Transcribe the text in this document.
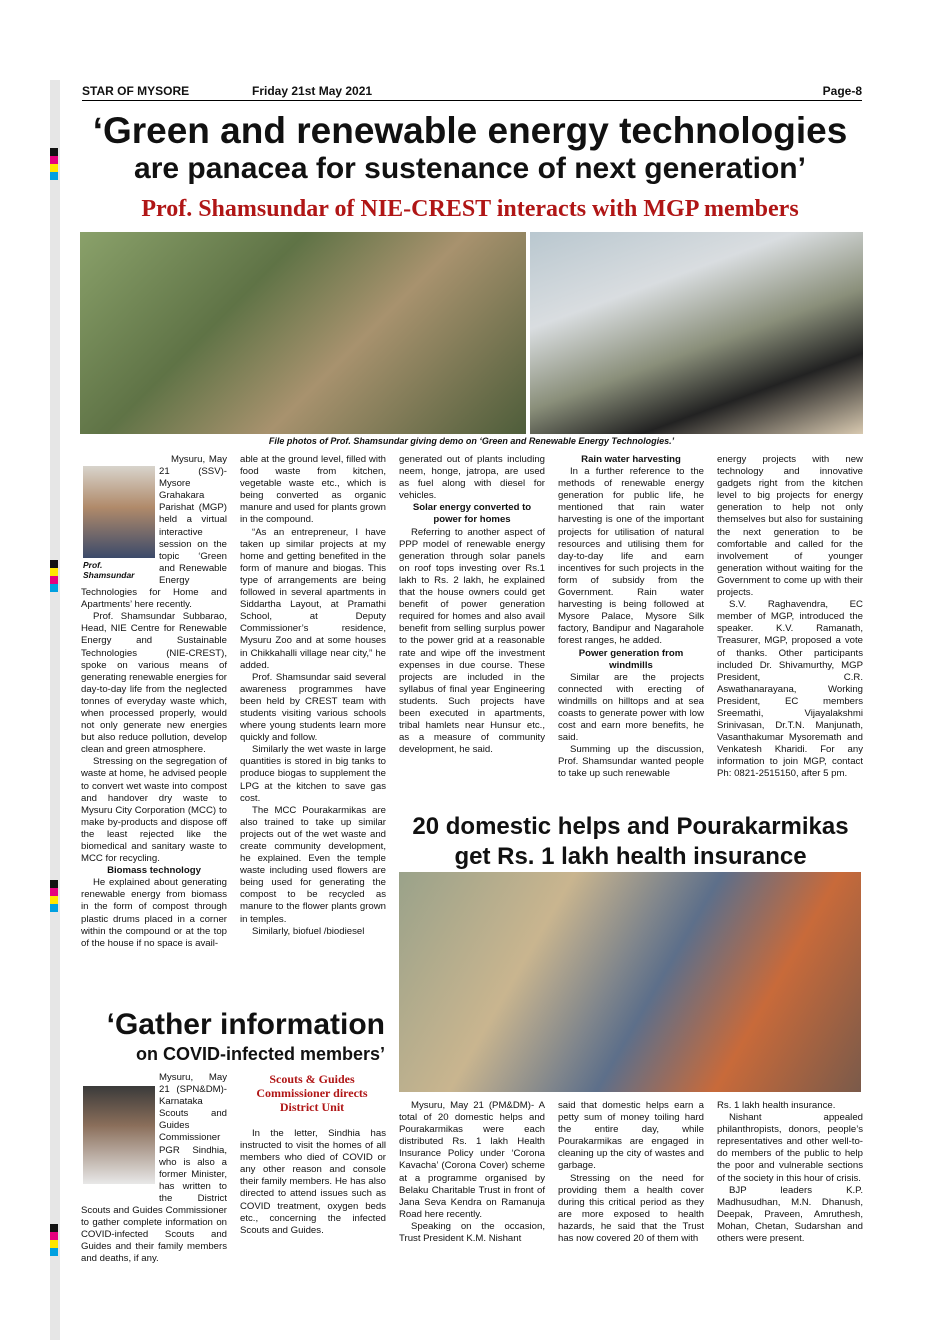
STAR OF MYSORE	Friday 21st May 2021	Page-8
‘Green and renewable energy technologies
are panacea for sustenance of next generation’
Prof. Shamsundar of NIE-CREST interacts with MGP members
File photos of Prof. Shamsundar giving demo on ‘Green and Renewable Energy Technologies.’
Prof. Shamsundar

Mysuru, May 21 (SSV)- Mysore Grahakara Parishat (MGP) held a virtual interactive session on the topic ‘Green and Renewable Energy Technologies for Home and Apartments’ here recently.

Prof. Shamsundar Subbarao, Head, NIE Centre for Renewable Energy and Sustainable Technologies (NIE-CREST), spoke on various means of generating renewable energies for day-to-day life from the neglected tonnes of everyday waste which, when processed properly, would not only generate new energies but also reduce pollution, develop clean and green atmosphere.

Stressing on the segregation of waste at home, he advised people to convert wet waste into compost and handover dry waste to Mysuru City Corporation (MCC) to make by-products and dispose off the least rejected like the biomedical and sanitary waste to MCC for recycling.

Biomass technology

He explained about generating renewable energy from biomass in the form of compost through plastic drums placed in a corner within the compound or at the top of the house if no space is avail-

able at the ground level, filled with food waste from kitchen, vegetable waste etc., which is being converted as organic manure and used for plants grown in the compound.

“As an entrepreneur, I have taken up similar projects at my home and getting benefited in the form of manure and biogas. This type of arrangements are being followed in several apartments in Siddartha Layout, at Pramathi School, at Deputy Commissioner’s residence, Mysuru Zoo and at some houses in Chikkahalli village near city,” he added.

Prof. Shamsundar said several awareness programmes have been held by CREST team with students visiting various schools where young students learn more quickly and follow.

Similarly the wet waste in large quantities is stored in big tanks to produce biogas to supplement the LPG at the kitchen to save gas cost.

The MCC Pourakarmikas are also trained to take up similar projects out of the wet waste and create community development, he explained. Even the temple waste including used flowers are being used for generating the compost to be recycled as manure to the flower plants grown in temples.

Similarly, biofuel /biodiesel

generated out of plants including neem, honge, jatropa, are used as fuel along with diesel for vehicles.

Solar energy converted to power for homes

Referring to another aspect of PPP model of renewable energy generation through solar panels on roof tops investing over Rs.1 lakh to Rs. 2 lakh, he explained that the house owners could get benefit of power generation required for homes and also avail benefit from selling surplus power to the power grid at a reasonable rate and wipe off the investment expenses in due course. These projects are included in the syllabus of final year Engineering students. Such projects have been executed in apartments, tribal hamlets near Hunsur etc., as a measure of community development, he said.

Rain water harvesting

In a further reference to the methods of renewable energy generation for public life, he mentioned that rain water harvesting is one of the important projects for utilisation of natural resources and utilising them for day-to-day life and earn incentives for such projects in the form of subsidy from the Government. Rain water harvesting is being followed at Mysore Palace, Mysore Silk factory, Bandipur and Nagarahole forest ranges, he added.

Power generation from windmills

Similar are the projects connected with erecting of windmills on hilltops and at sea coasts to generate power with low cost and earn more benefits, he said.

Summing up the discussion, Prof. Shamsundar wanted people to take up such renewable

energy projects with new technology and innovative gadgets right from the kitchen level to big projects for energy generation to help not only themselves but also for sustaining the next generation to be comfortable and called for the involvement of younger generation without waiting for the Government to come up with their projects.

S.V. Raghavendra, EC member of MGP, introduced the speaker. K.V. Ramanath, Treasurer, MGP, proposed a vote of thanks. Other participants included Dr. Shivamurthy, MGP President, C.R. Aswathanarayana, Working President, EC members Sreemathi, Vijayalakshmi Srinivasan, Dr.T.N. Manjunath, Vasanthakumar Mysoremath and Venkatesh Kharidi. For any information to join MGP, contact Ph: 0821-2515150, after 5 pm.

20 domestic helps and Pourakarmikas
get Rs. 1 lakh health insurance

Mysuru, May 21 (PM&DM)- A total of 20 domestic helps and Pourakarmikas were each distributed Rs. 1 lakh Health Insurance Policy under ‘Corona Kavacha’ (Corona Cover) scheme at a programme organised by Belaku Charitable Trust in front of Jana Seva Kendra on Ramanuja Road here recently.

Speaking on the occasion, Trust President K.M. Nishant

said that domestic helps earn a petty sum of money toiling hard the entire day, while Pourakarmikas are engaged in cleaning up the city of wastes and garbage.

Stressing on the need for providing them a health cover during this critical period as they are more exposed to health hazards, he said that the Trust has now covered 20 of them with

Rs. 1 lakh health insurance.

Nishant appealed philanthropists, donors, people’s representatives and other well-to-do members of the public to help the poor and vulnerable sections of the society in this hour of crisis.

BJP leaders K.P. Madhusudhan, M.N. Dhanush, Deepak, Praveen, Amruthesh, Mohan, Chetan, Sudarshan and others were present.

‘Gather information
on COVID-infected members’

Mysuru, May 21 (SPN&DM)- Karnataka Scouts and Guides Commissioner PGR Sindhia, who is also a former Minister, has written to the District Scouts and Guides Commissioner to gather complete information on COVID-infected Scouts and Guides and their family members and deaths, if any.

Scouts & Guides Commissioner directs District Unit

In the letter, Sindhia has instructed to visit the homes of all members who died of COVID or any other reason and console their family members. He has also directed to attend issues such as COVID treatment, oxygen beds etc., concerning the infected Scouts and Guides.
